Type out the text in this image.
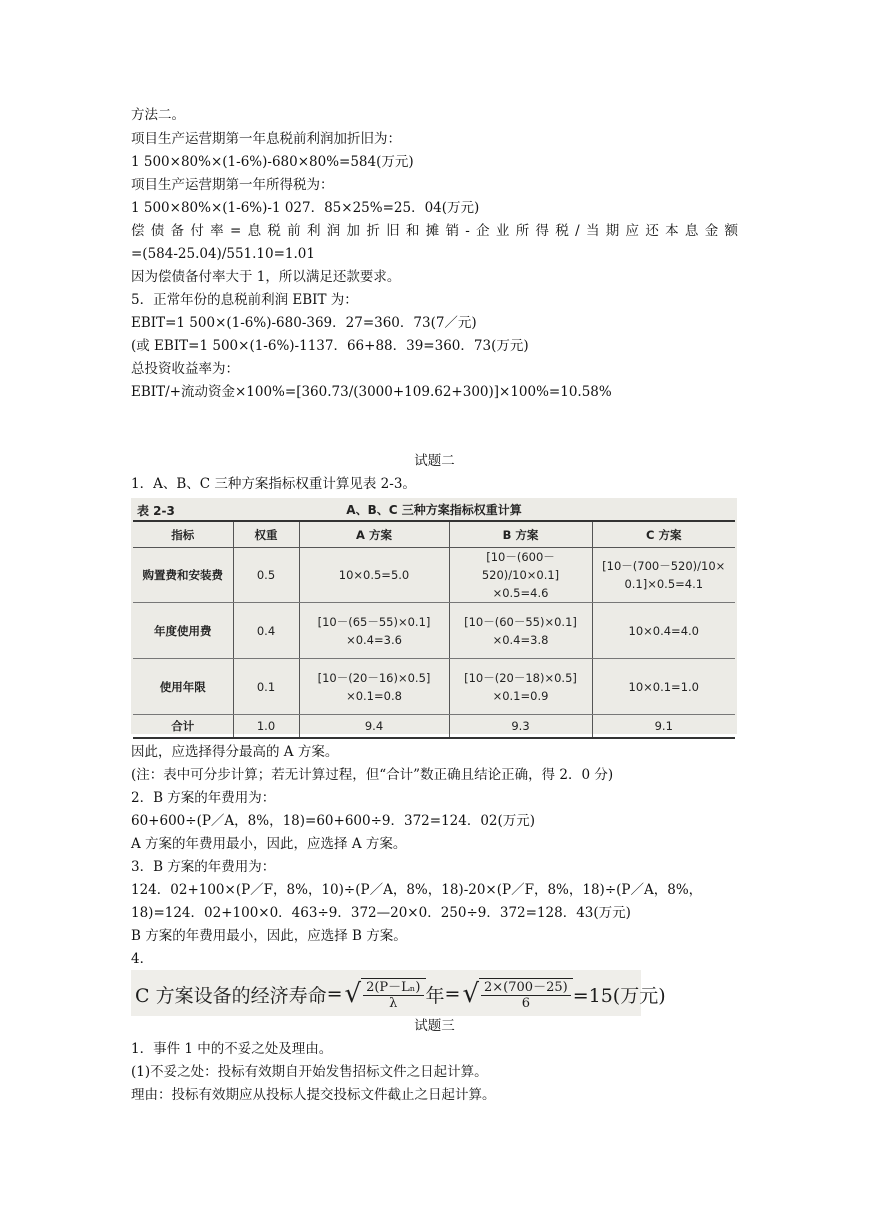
方法二。
项目生产运营期第一年息税前利润加折旧为：
1 500×80%×(1-6%)-680×80%=584(万元)
项目生产运营期第一年所得税为：
1 500×80%×(1-6%)-1 027．85×25%=25．04(万元)
偿债备付率=息税前利润加折旧和摊销-企业所得税/当期应还本息金额
=(584-25.04)/551.10=1.01
因为偿债备付率大于 1，所以满足还款要求。
5．正常年份的息税前利润 EBIT 为：
EBIT=1 500×(1-6%)-680-369．27=360．73(7／元)
(或 EBIT=1 500×(1-6%)-1137．66+88．39=360．73(万元)
总投资收益率为：
EBIT/+流动资金×100%=[360.73/(3000+109.62+300)]×100%=10.58%
试题二
1．A、B、C 三种方案指标权重计算见表 2-3。
表 2-3	A、B、C 三种方案指标权重计算
指标	权重	A 方案	B 方案	C 方案
购置费和安装费	0.5	10×0.5=5.0	[10－(600－520)/10×0.1]
×0.5=4.6	[10－(700－520)/10×
0.1]×0.5=4.1

年度使用费	0.4	[10－(65－55)×0.1]
×0.4=3.6	[10－(60－55)×0.1]
×0.4=3.8	10×0.4=4.0

使用年限	0.1	[10－(20－16)×0.5]
×0.1=0.8	[10－(20－18)×0.5]
×0.1=0.9	10×0.1=1.0

合计	1.0	9.4	9.3	9.1
因此，应选择得分最高的 A 方案。
(注：表中可分步计算；若无计算过程，但“合计”数正确且结论正确，得 2．0 分)
2．B 方案的年费用为：
60+600÷(P／A，8%，18)=60+600÷9．372=124．02(万元)
A 方案的年费用最小，因此，应选择 A 方案。
3．B 方案的年费用为：
124．02+100×(P／F，8%，10)÷(P／A，8%，18)-20×(P／F，8%，18)÷(P／A，8%，
18)=124．02+100×0．463÷9．372—20×0．250÷9．372=128．43(万元)
B 方案的年费用最小，因此，应选择 B 方案。
4．
C 方案设备的经济寿命 = √ $\frac{\text{2(P－Lₙ)}}{\lambda}$ 年 = √ $\frac{2\times(700-25)}{6} =15$(万元)
试题三
1．事件 1 中的不妥之处及理由。
(1)不妥之处：投标有效期自开始发售招标文件之日起计算。
理由：投标有效期应从投标人提交投标文件截止之日起计算。
